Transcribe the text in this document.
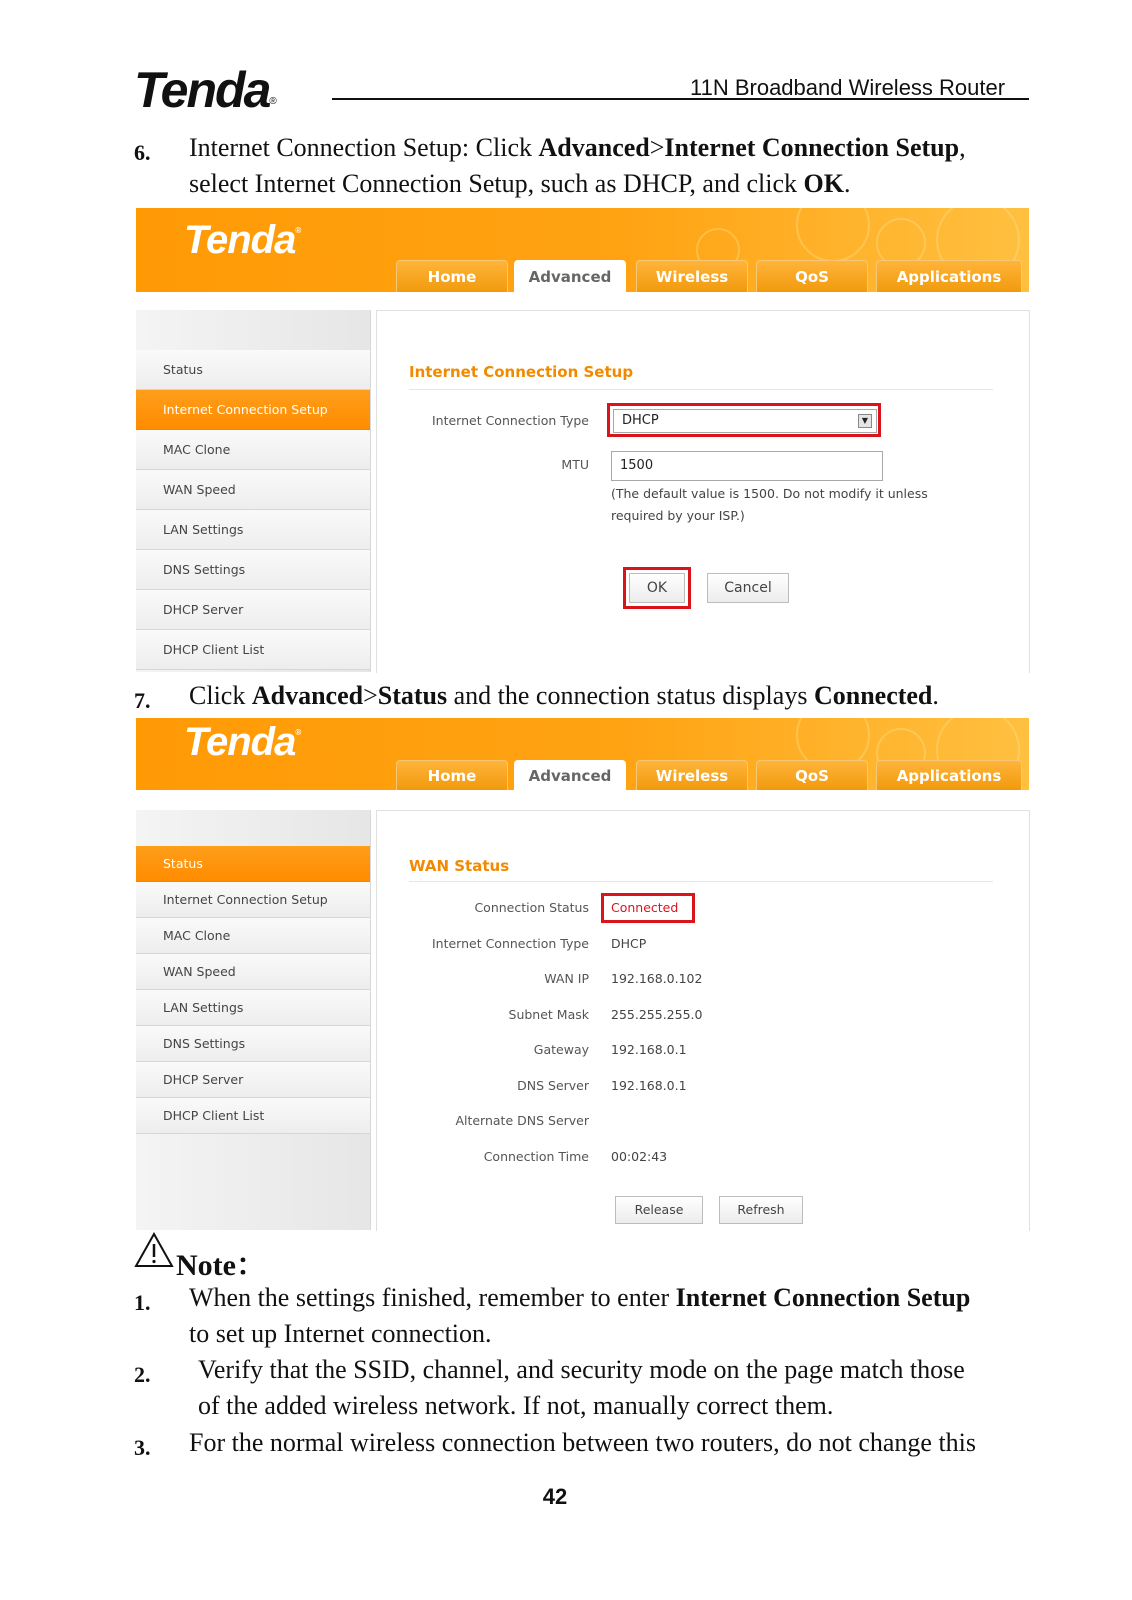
Tenda®
11N Broadband Wireless Router
6. Internet Connection Setup: Click Advanced>Internet Connection Setup,
select Internet Connection Setup, such as DHCP, and click OK.
Tenda®
Home	Advanced	Wireless	QoS	Applications
Status
Internet Connection Setup
MAC Clone
WAN Speed
LAN Settings
DNS Settings
DHCP Server
DHCP Client List
Internet Connection Setup
Internet Connection Type	DHCP	▼
MTU	1500
(The default value is 1500. Do not modify it unless
required by your ISP.)
OK	Cancel
7. Click Advanced>Status and the connection status displays Connected.
Tenda®
Home	Advanced	Wireless	QoS	Applications
Status
Internet Connection Setup
MAC Clone
WAN Speed
LAN Settings
DNS Settings
DHCP Server
DHCP Client List
WAN Status
Connection Status Connected
Internet Connection Type DHCP
WAN IP 192.168.0.102
Subnet Mask 255.255.255.0
Gateway 192.168.0.1
DNS Server 192.168.0.1
Alternate DNS Server
Connection Time 00:02:43
Release	Refresh
Note：
1. When the settings finished, remember to enter Internet Connection Setup
to set up Internet connection.
2. Verify that the SSID, channel, and security mode on the page match those
of the added wireless network. If not, manually correct them.
3. For the normal wireless connection between two routers, do not change this
42
